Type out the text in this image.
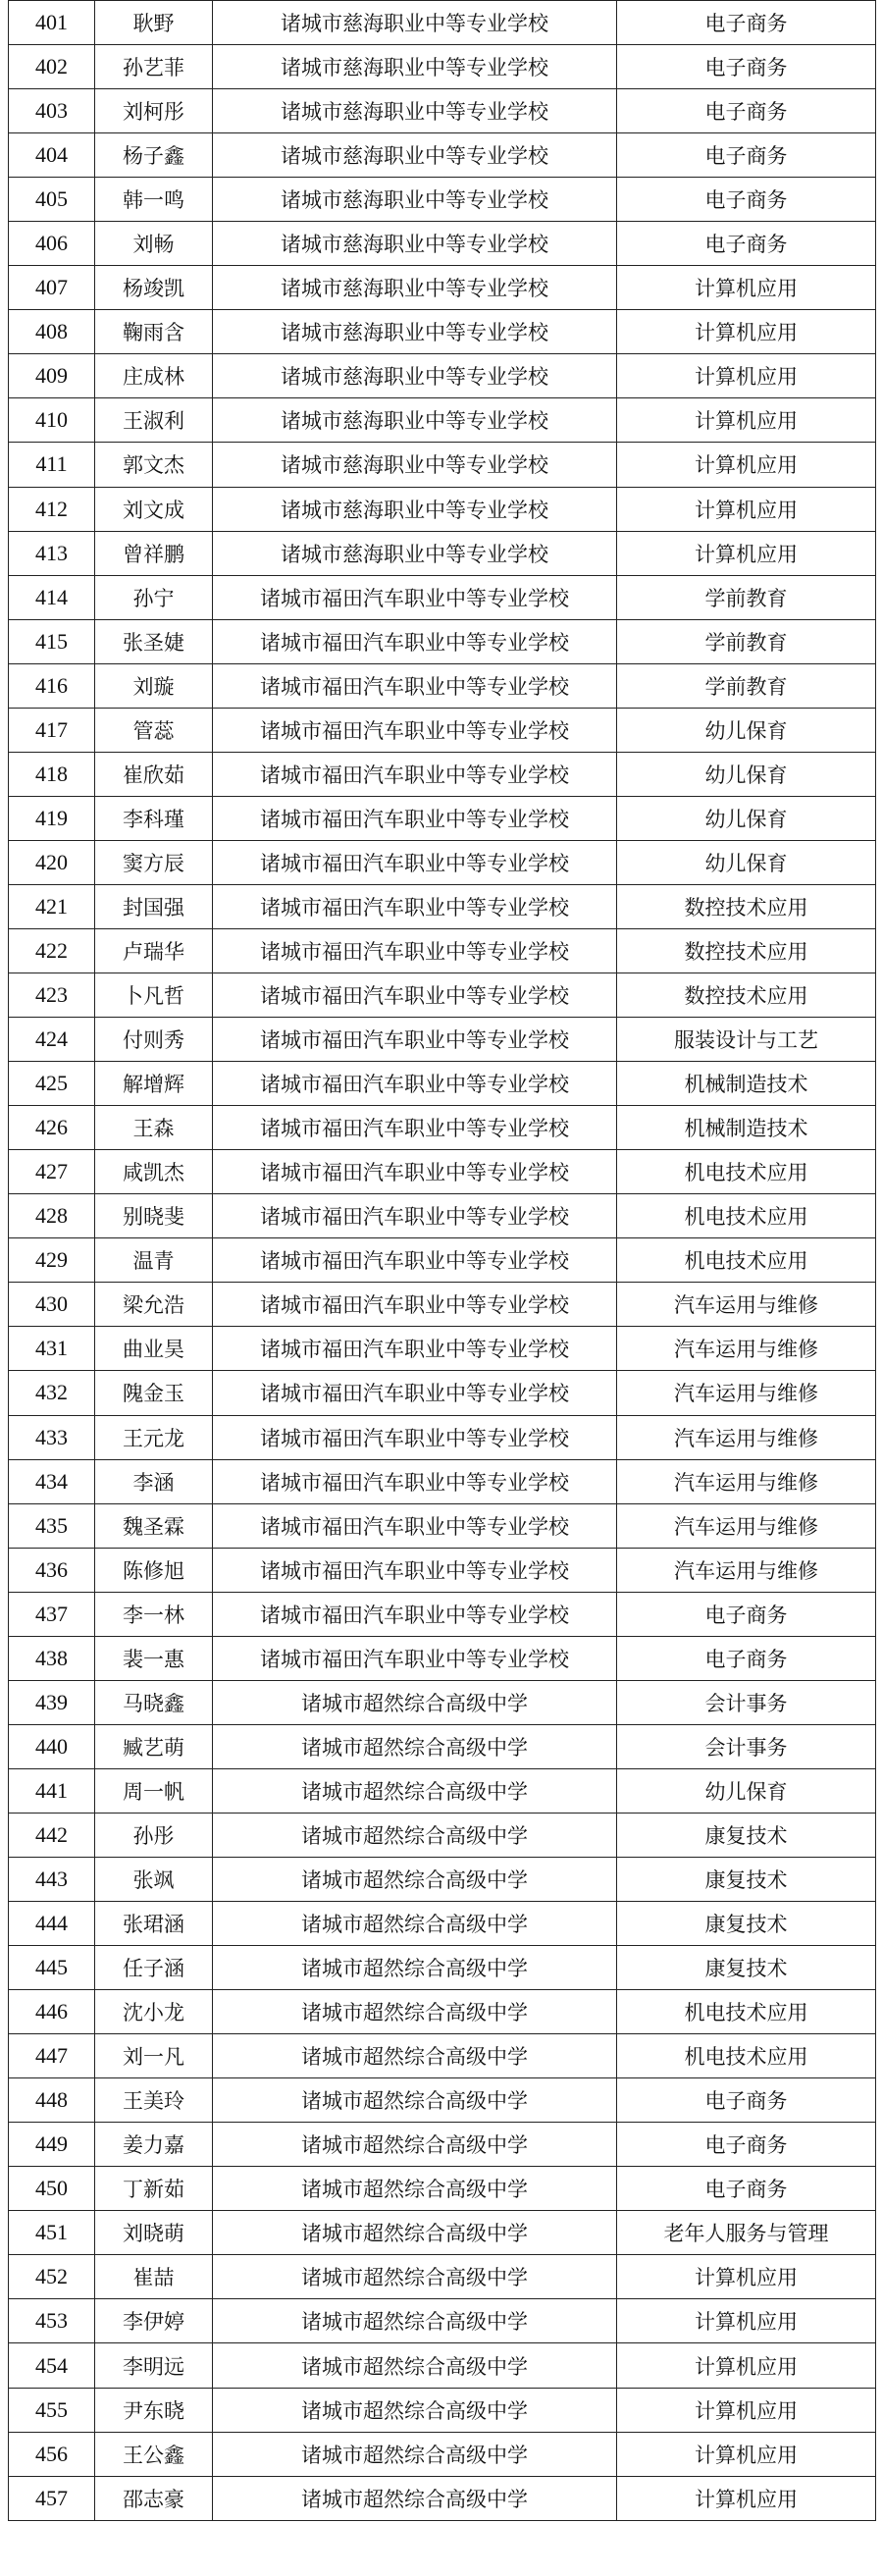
401	耿野	诸城市慈海职业中等专业学校	电子商务
402	孙艺菲	诸城市慈海职业中等专业学校	电子商务
403	刘柯彤	诸城市慈海职业中等专业学校	电子商务
404	杨子鑫	诸城市慈海职业中等专业学校	电子商务
405	韩一鸣	诸城市慈海职业中等专业学校	电子商务
406	刘畅	诸城市慈海职业中等专业学校	电子商务
407	杨竣凯	诸城市慈海职业中等专业学校	计算机应用
408	鞠雨含	诸城市慈海职业中等专业学校	计算机应用
409	庄成林	诸城市慈海职业中等专业学校	计算机应用
410	王淑利	诸城市慈海职业中等专业学校	计算机应用
411	郭文杰	诸城市慈海职业中等专业学校	计算机应用
412	刘文成	诸城市慈海职业中等专业学校	计算机应用
413	曾祥鹏	诸城市慈海职业中等专业学校	计算机应用
414	孙宁	诸城市福田汽车职业中等专业学校	学前教育
415	张圣婕	诸城市福田汽车职业中等专业学校	学前教育
416	刘璇	诸城市福田汽车职业中等专业学校	学前教育
417	管蕊	诸城市福田汽车职业中等专业学校	幼儿保育
418	崔欣茹	诸城市福田汽车职业中等专业学校	幼儿保育
419	李科瑾	诸城市福田汽车职业中等专业学校	幼儿保育
420	窦方辰	诸城市福田汽车职业中等专业学校	幼儿保育
421	封国强	诸城市福田汽车职业中等专业学校	数控技术应用
422	卢瑞华	诸城市福田汽车职业中等专业学校	数控技术应用
423	卜凡哲	诸城市福田汽车职业中等专业学校	数控技术应用
424	付则秀	诸城市福田汽车职业中等专业学校	服装设计与工艺
425	解增辉	诸城市福田汽车职业中等专业学校	机械制造技术
426	王森	诸城市福田汽车职业中等专业学校	机械制造技术
427	咸凯杰	诸城市福田汽车职业中等专业学校	机电技术应用
428	别晓斐	诸城市福田汽车职业中等专业学校	机电技术应用
429	温青	诸城市福田汽车职业中等专业学校	机电技术应用
430	梁允浩	诸城市福田汽车职业中等专业学校	汽车运用与维修
431	曲业昊	诸城市福田汽车职业中等专业学校	汽车运用与维修
432	隗金玉	诸城市福田汽车职业中等专业学校	汽车运用与维修
433	王元龙	诸城市福田汽车职业中等专业学校	汽车运用与维修
434	李涵	诸城市福田汽车职业中等专业学校	汽车运用与维修
435	魏圣霖	诸城市福田汽车职业中等专业学校	汽车运用与维修
436	陈修旭	诸城市福田汽车职业中等专业学校	汽车运用与维修
437	李一林	诸城市福田汽车职业中等专业学校	电子商务
438	裴一惠	诸城市福田汽车职业中等专业学校	电子商务
439	马晓鑫	诸城市超然综合高级中学	会计事务
440	臧艺萌	诸城市超然综合高级中学	会计事务
441	周一帆	诸城市超然综合高级中学	幼儿保育
442	孙彤	诸城市超然综合高级中学	康复技术
443	张飒	诸城市超然综合高级中学	康复技术
444	张珺涵	诸城市超然综合高级中学	康复技术
445	任子涵	诸城市超然综合高级中学	康复技术
446	沈小龙	诸城市超然综合高级中学	机电技术应用
447	刘一凡	诸城市超然综合高级中学	机电技术应用
448	王美玲	诸城市超然综合高级中学	电子商务
449	姜力嘉	诸城市超然综合高级中学	电子商务
450	丁新茹	诸城市超然综合高级中学	电子商务
451	刘晓萌	诸城市超然综合高级中学	老年人服务与管理
452	崔喆	诸城市超然综合高级中学	计算机应用
453	李伊婷	诸城市超然综合高级中学	计算机应用
454	李明远	诸城市超然综合高级中学	计算机应用
455	尹东晓	诸城市超然综合高级中学	计算机应用
456	王公鑫	诸城市超然综合高级中学	计算机应用
457	邵志豪	诸城市超然综合高级中学	计算机应用
